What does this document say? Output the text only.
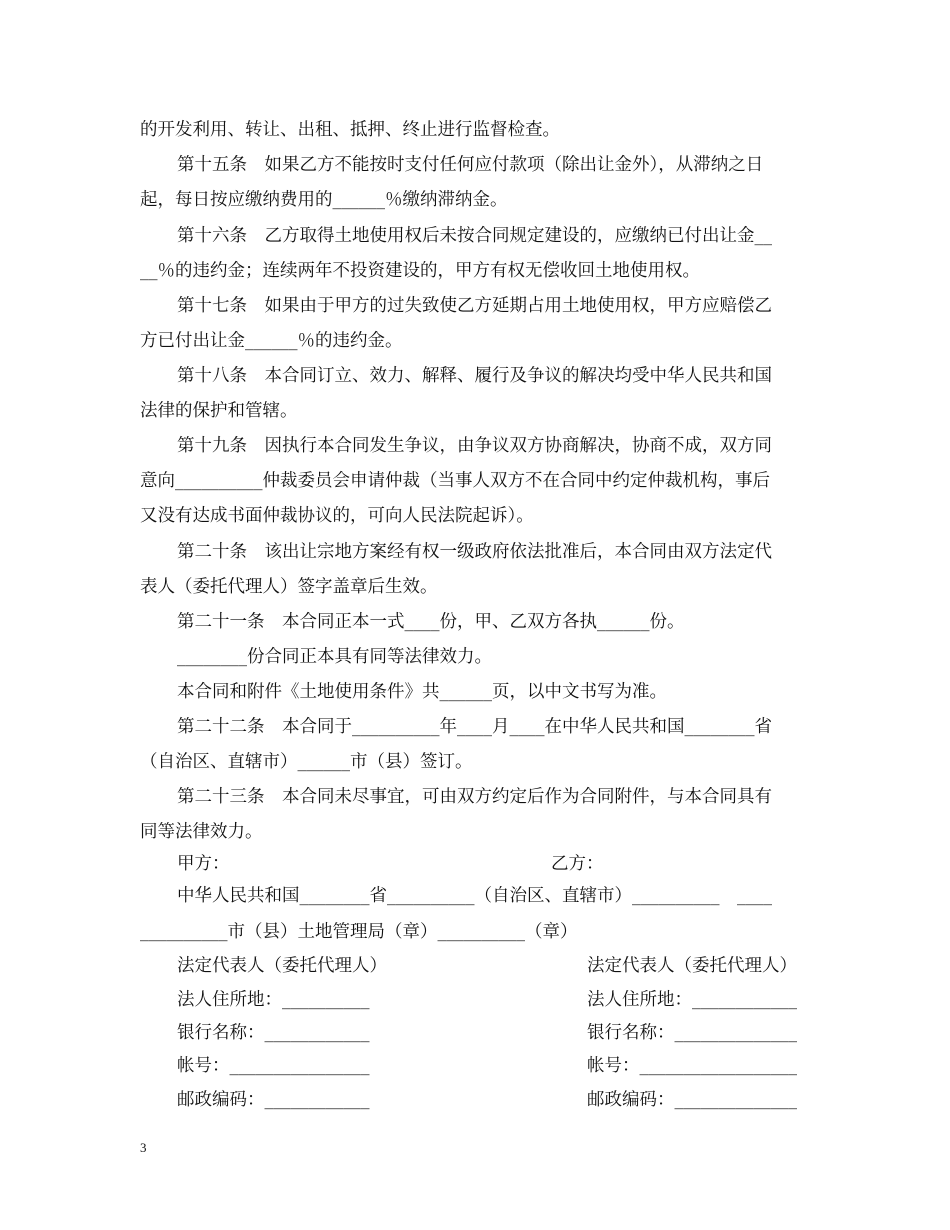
的开发利用、转让、出租、抵押、终止进行监督检查。
第十五条　如果乙方不能按时支付任何应付款项（除出让金外），从滞纳之日
起，每日按应缴纳费用的______％缴纳滞纳金。
第十六条　乙方取得土地使用权后未按合同规定建设的，应缴纳已付出让金__
__％的违约金；连续两年不投资建设的，甲方有权无偿收回土地使用权。
第十七条　如果由于甲方的过失致使乙方延期占用土地使用权，甲方应赔偿乙
方已付出让金______％的违约金。
第十八条　本合同订立、效力、解释、履行及争议的解决均受中华人民共和国
法律的保护和管辖。
第十九条　因执行本合同发生争议，由争议双方协商解决，协商不成，双方同
意向__________仲裁委员会申请仲裁（当事人双方不在合同中约定仲裁机构，事后
又没有达成书面仲裁协议的，可向人民法院起诉）。
第二十条　该出让宗地方案经有权一级政府依法批准后，本合同由双方法定代
表人（委托代理人）签字盖章后生效。
第二十一条　本合同正本一式____份，甲、乙双方各执______份。
________份合同正本具有同等法律效力。
本合同和附件《土地使用条件》共______页，以中文书写为准。
第二十二条　本合同于__________年____月____在中华人民共和国________省
（自治区、直辖市）______市（县）签订。
第二十三条　本合同未尽事宜，可由双方约定后作为合同附件，与本合同具有
同等法律效力。
甲方：	乙方：
中华人民共和国________省__________（自治区、直辖市）__________　____
__________市（县）土地管理局（章）__________（章）
法定代表人（委托代理人）
法人住所地：__________
银行名称：____________
帐号：________________
邮政编码：____________
法定代表人（委托代理人）
法人住所地：____________
银行名称：______________
帐号：__________________
邮政编码：______________
3
